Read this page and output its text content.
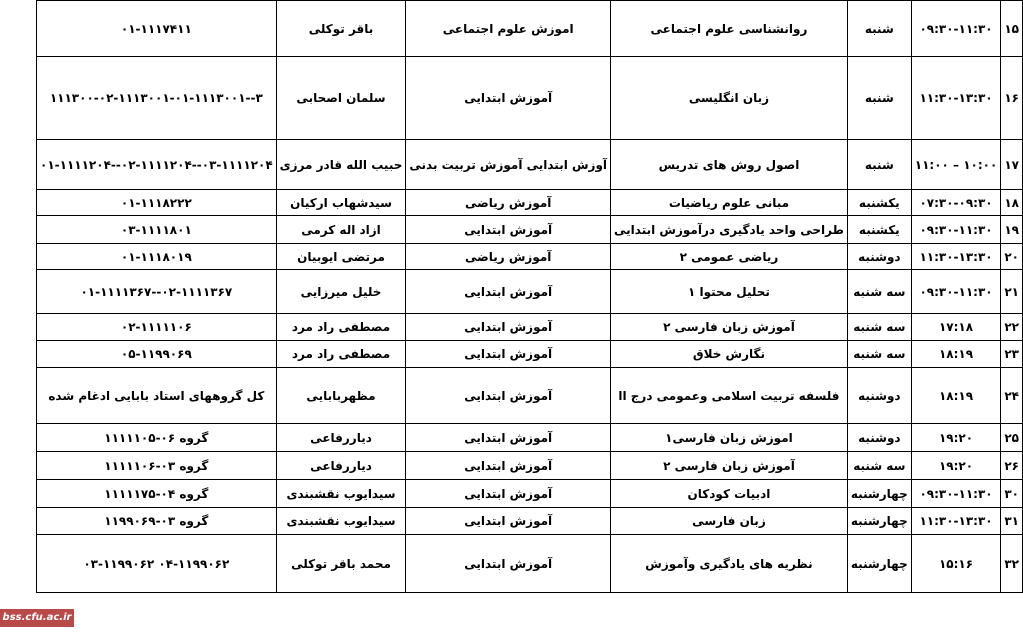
۰۱-۱۱۱۷۴۱۱	باقر توکلی	اموزش علوم اجتماعی	روانشناسی علوم اجتماعی	شنبه	۰۹:۳۰-۱۱:۳۰	۱۵
۳--۱۱۱۳۰۰-۰۲-۱۱۱۳۰۰۱-۰۱-۱۱۱۳۰۰۱	سلمان اصحابی	آموزش ابتدایی	زبان انگلیسی	شنبه	۱۱:۳۰-۱۳:۳۰	۱۶
۰۳-۱۱۱۱۲۰۴--۰۲-۱۱۱۱۲۰۴--۰۱-۱۱۱۱۲۰۴	حبیب الله قادر مرزی	آوزش ابتدایی آموزش تربیت بدنی	اصول روش های تدریس	شنبه	۱۰:۰۰ – ۱۱:۰۰	۱۷
۰۱-۱۱۱۸۲۲۲	سیدشهاب ارکیان	آموزش ریاضی	مبانی علوم ریاضیات	یکشنبه	۰۷:۳۰-۰۹:۳۰	۱۸
۰۳-۱۱۱۱۸۰۱	ازاد اله کرمی	آموزش ابتدایی	طراحی واحد یادگیری درآموزش ابتدایی	یکشنبه	۰۹:۳۰-۱۱:۳۰	۱۹
۰۱-۱۱۱۸۰۱۹	مرتضی ایوبیان	آموزش ریاضی	ریاضی عمومی ۲	دوشنبه	۱۱:۳۰-۱۳:۳۰	۲۰
۰۲-۱۱۱۱۳۶۷--۰۱-۱۱۱۱۳۶۷	خلیل میرزایی	آموزش ابتدایی	تحلیل محتوا ۱	سه شنبه	۰۹:۳۰-۱۱:۳۰	۲۱
۰۲-۱۱۱۱۱۰۶	مصطفی راد مرد	آموزش ابتدایی	آموزش زبان فارسی ۲	سه شنبه	۱۷:۱۸	۲۲
۰۵-۱۱۹۹۰۶۹	مصطفی راد مرد	آموزش ابتدایی	نگارش خلاق	سه شنبه	۱۸:۱۹	۲۳
کل گروههای استاد بابایی ادغام شده	مظهربابایی	آموزش ابتدایی	فلسفه تربیت اسلامی وعمومی درج اا	دوشنبه	۱۸:۱۹	۲۴
گروه ۰۶-۱۱۱۱۱۰۵	دیاررفاعی	آموزش ابتدایی	اموزش زبان فارسی۱	دوشنبه	۱۹:۲۰	۲۵
گروه ۰۳-۱۱۱۱۱۰۶	دیاررفاعی	آموزش ابتدایی	آموزش زبان فارسی ۲	سه شنبه	۱۹:۲۰	۲۶
گروه ۰۴-۱۱۱۱۱۷۵	سیدایوب نقشبندی	آموزش ابتدایی	ادبیات کودکان	چهارشنبه	۰۹:۳۰-۱۱:۳۰	۳۰
گروه ۰۳-۱۱۹۹۰۶۹	سیدایوب نقشبندی	آموزش ابتدایی	زبان فارسی	چهارشنبه	۱۱:۳۰-۱۳:۳۰	۳۱
۰۴-۱۱۹۹۰۶۲ ۰۳-۱۱۹۹۰۶۲	محمد باقر توکلی	آموزش ابتدایی	نظریه های یادگیری وآموزش	چهارشنبه	۱۵:۱۶	۳۲
bss.cfu.ac.ir
